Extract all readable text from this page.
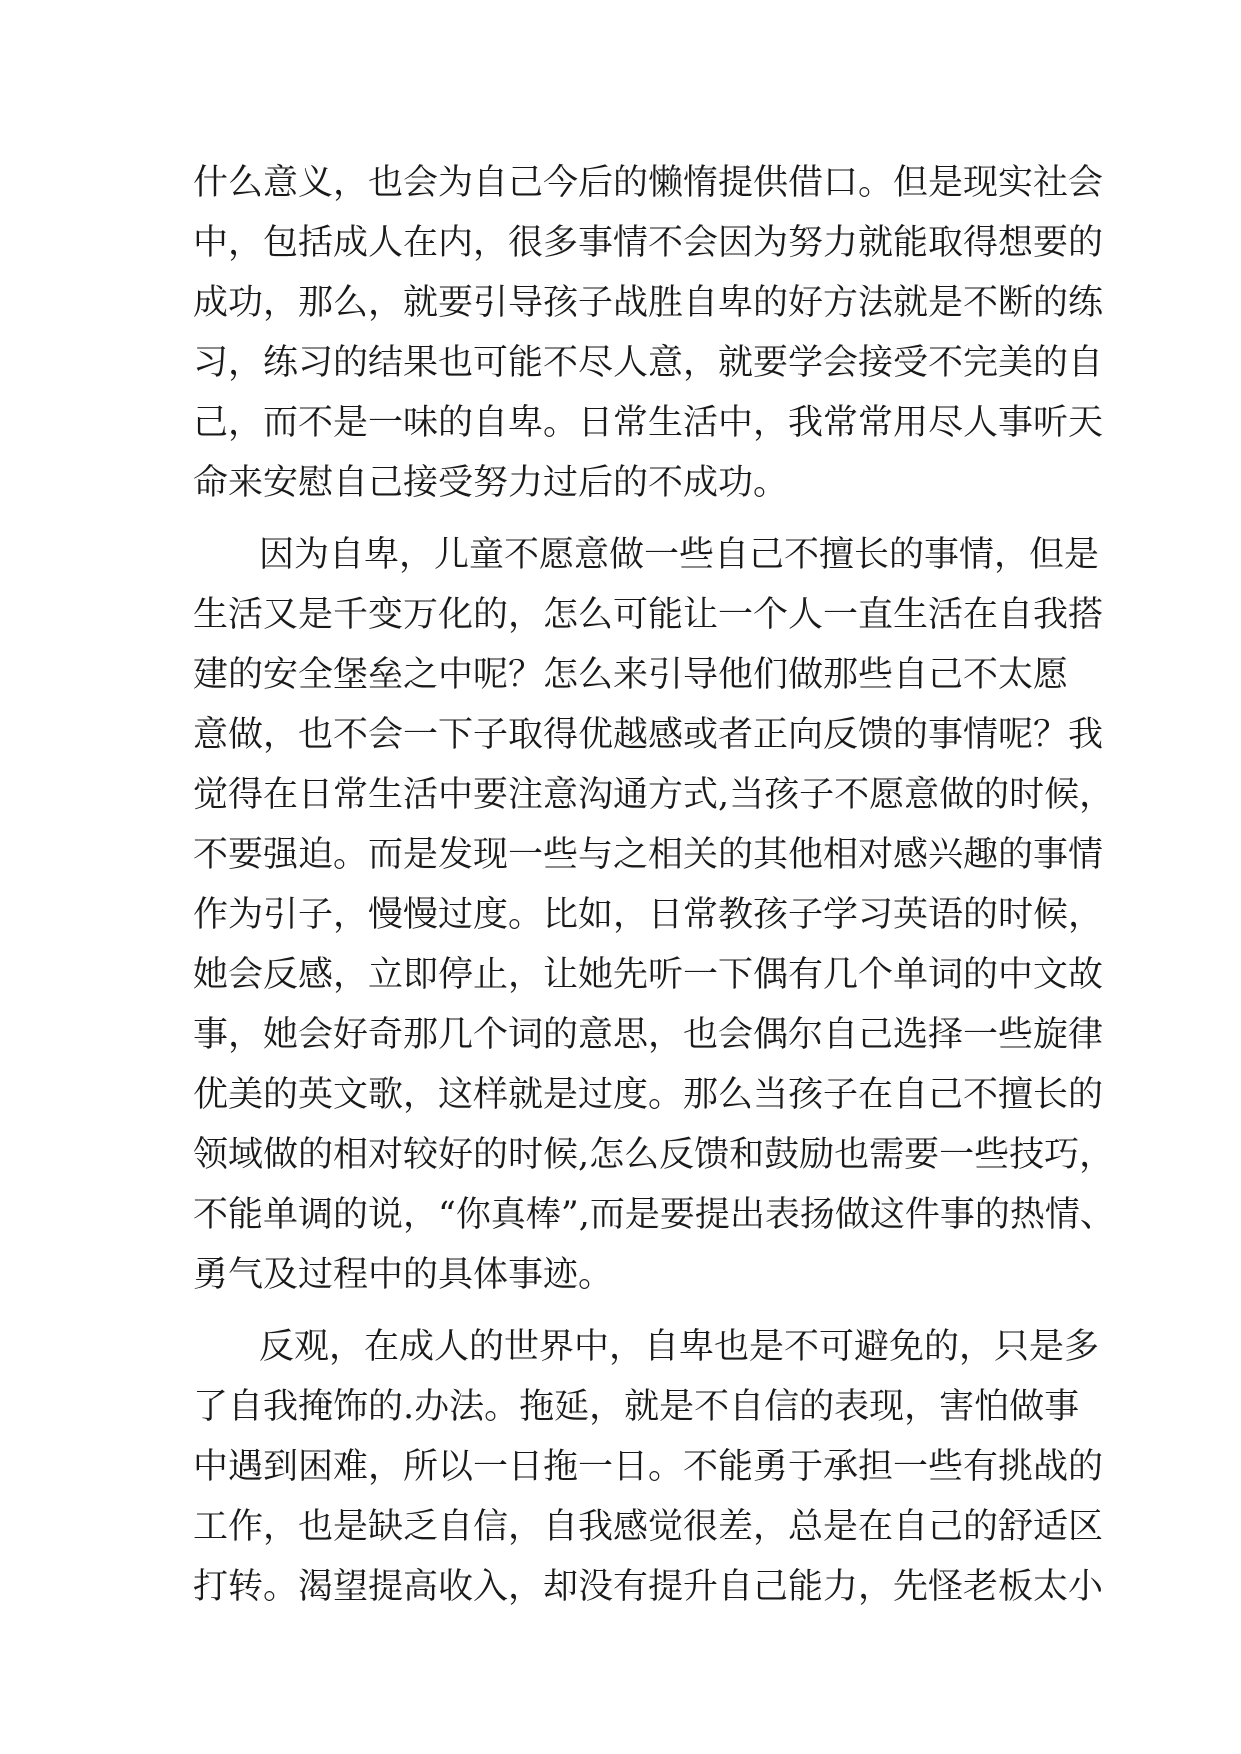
什么意义，也会为自己今后的懒惰提供借口。但是现实社会
中，包括成人在内，很多事情不会因为努力就能取得想要的
成功，那么，就要引导孩子战胜自卑的好方法就是不断的练
习，练习的结果也可能不尽人意，就要学会接受不完美的自
己，而不是一味的自卑。日常生活中，我常常用尽人事听天
命来安慰自己接受努力过后的不成功。
因为自卑，儿童不愿意做一些自己不擅长的事情，但是
生活又是千变万化的，怎么可能让一个人一直生活在自我搭
建的安全堡垒之中呢？怎么来引导他们做那些自己不太愿
意做，也不会一下子取得优越感或者正向反馈的事情呢？我
觉得在日常生活中要注意沟通方式,当孩子不愿意做的时候，
不要强迫。而是发现一些与之相关的其他相对感兴趣的事情
作为引子，慢慢过度。比如，日常教孩子学习英语的时候，
她会反感，立即停止，让她先听一下偶有几个单词的中文故
事，她会好奇那几个词的意思，也会偶尔自己选择一些旋律
优美的英文歌，这样就是过度。那么当孩子在自己不擅长的
领域做的相对较好的时候,怎么反馈和鼓励也需要一些技巧，
不能单调的说，“你真棒”,而是要提出表扬做这件事的热情、
勇气及过程中的具体事迹。
反观，在成人的世界中，自卑也是不可避免的，只是多
了自我掩饰的.办法。拖延，就是不自信的表现，害怕做事
中遇到困难，所以一日拖一日。不能勇于承担一些有挑战的
工作，也是缺乏自信，自我感觉很差，总是在自己的舒适区
打转。渴望提高收入，却没有提升自己能力，先怪老板太小
